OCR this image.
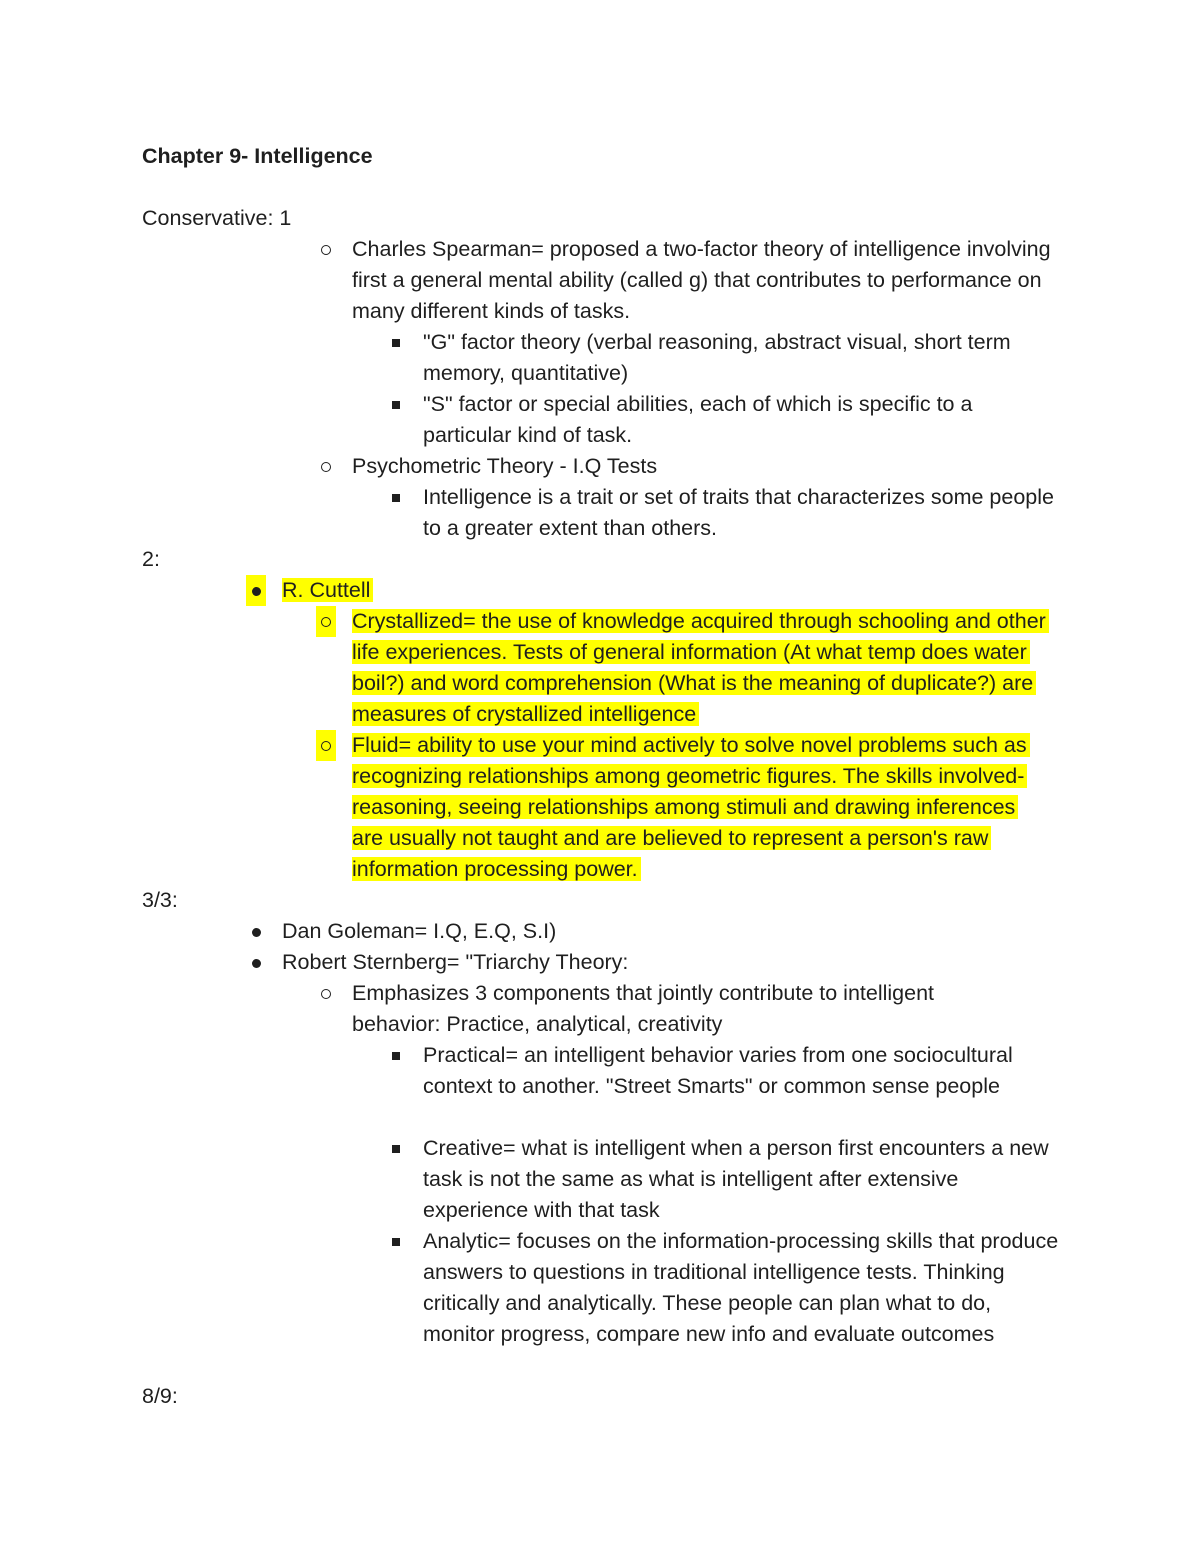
Chapter 9- Intelligence
Conservative: 1
Charles Spearman= proposed a two-factor theory of intelligence involving first a general mental ability (called g) that contributes to performance on many different kinds of tasks.
"G" factor theory (verbal reasoning, abstract visual, short term memory, quantitative)
"S" factor or special abilities, each of which is specific to a particular kind of task.
Psychometric Theory - I.Q Tests
Intelligence is a trait or set of traits that characterizes some people to a greater extent than others.
2:
R. Cuttell
Crystallized= the use of knowledge acquired through schooling and other life experiences. Tests of general information (At what temp does water boil?) and word comprehension (What is the meaning of duplicate?) are measures of crystallized intelligence
Fluid= ability to use your mind actively to solve novel problems such as recognizing relationships among geometric figures. The skills involved- reasoning, seeing relationships among stimuli and drawing inferences are usually not taught and are believed to represent a person's raw information processing power.
3/3:
Dan Goleman= I.Q, E.Q, S.I)
Robert Sternberg= "Triarchy Theory:
Emphasizes 3 components that jointly contribute to intelligent behavior: Practice, analytical, creativity
Practical= an intelligent behavior varies from one sociocultural context to another. "Street Smarts" or common sense people
Creative= what is intelligent when a person first encounters a new task is not the same as what is intelligent after extensive experience with that task
Analytic= focuses on the information-processing skills that produce answers to questions in traditional intelligence tests. Thinking critically and analytically. These people can plan what to do, monitor progress, compare new info and evaluate outcomes
8/9:
